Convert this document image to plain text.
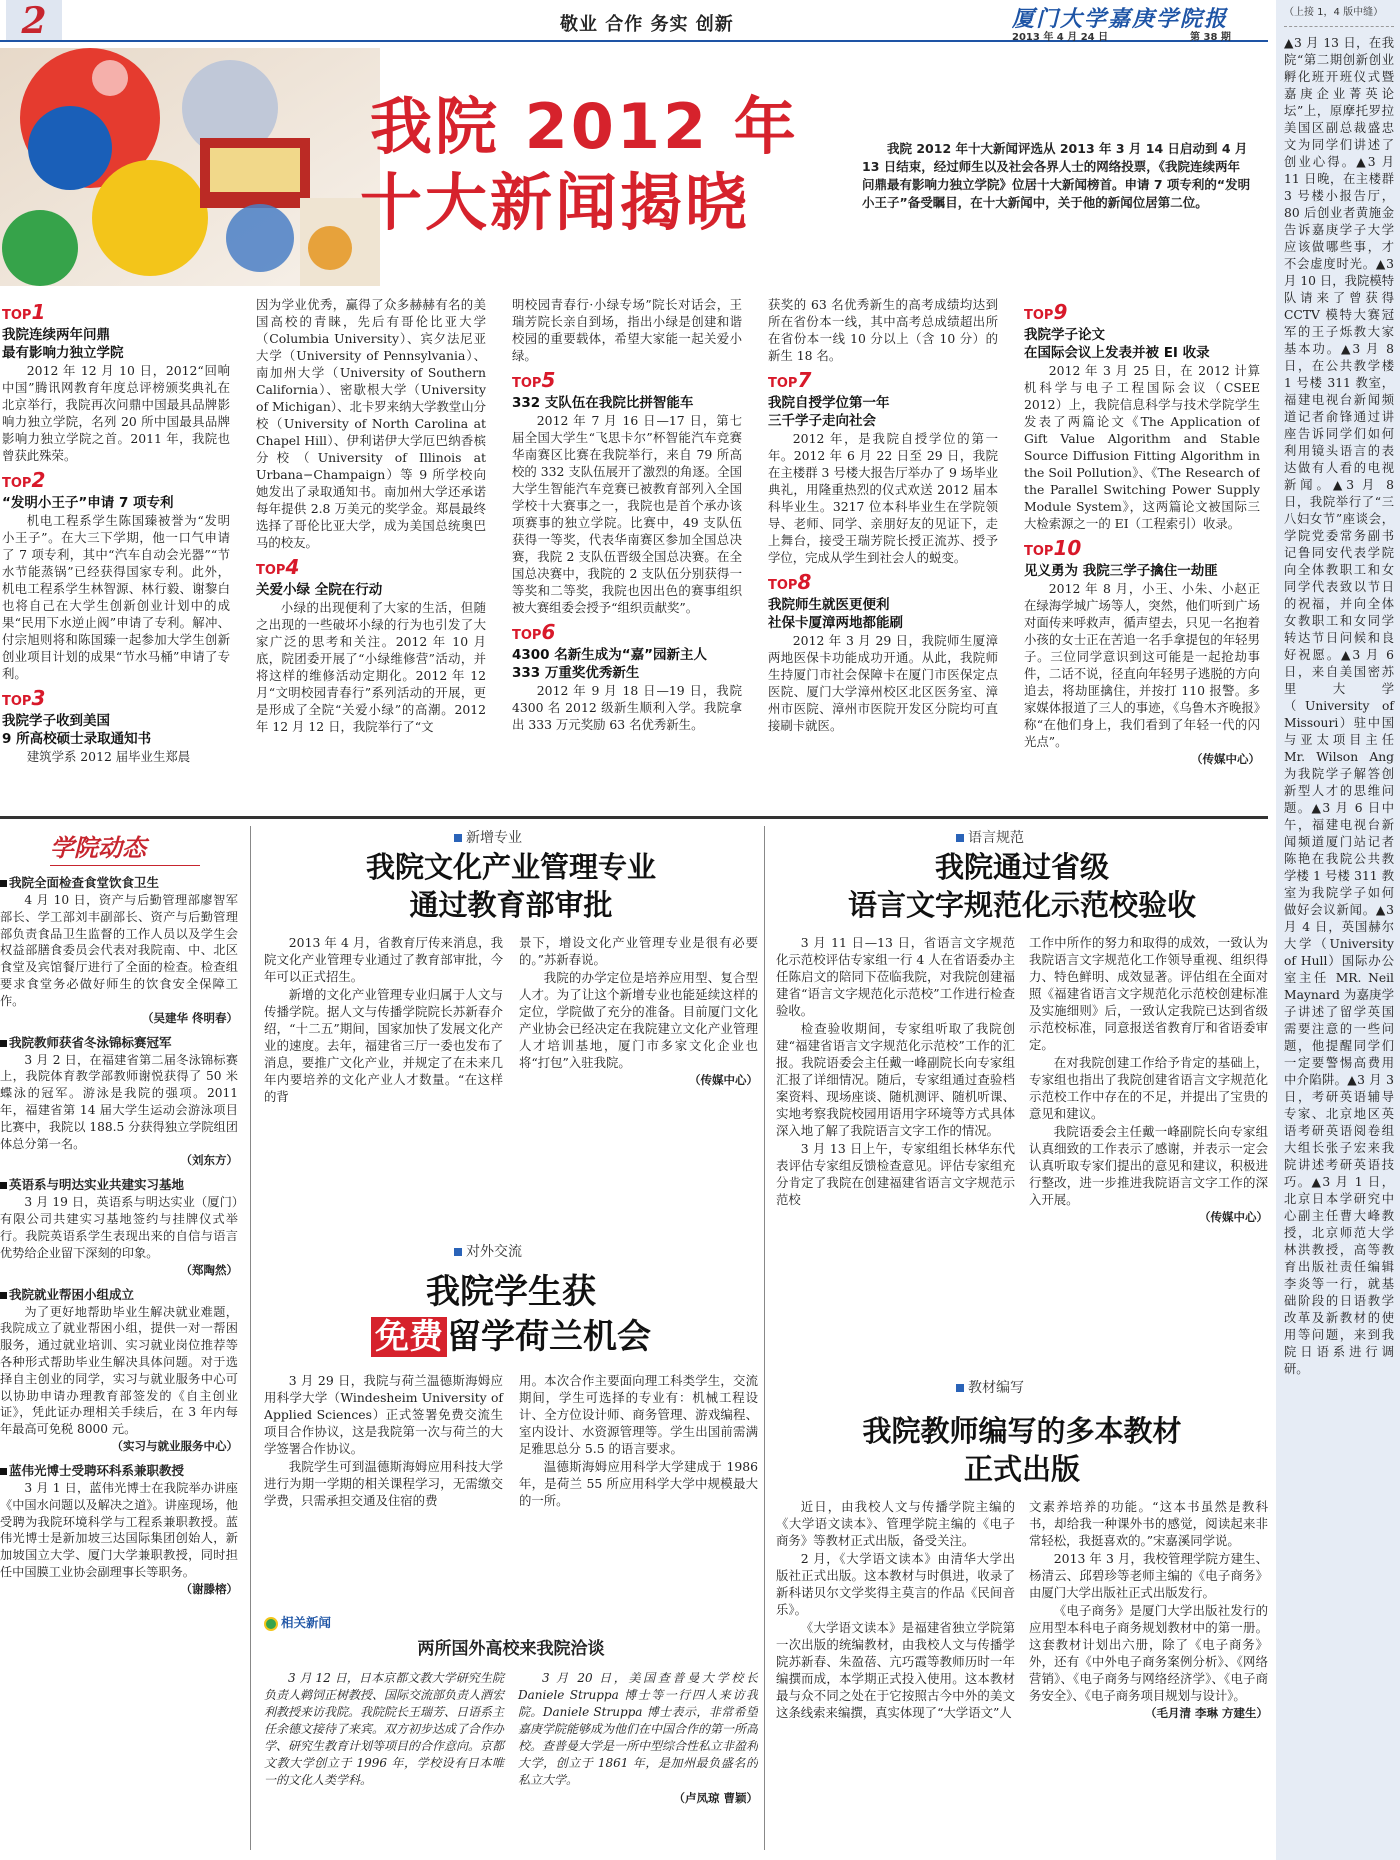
2	敬业 合作 务实 创新	厦门大学嘉庚学院报
2013 年 4 月 24 日	第 38 期
我院 2012 年
十大新闻揭晓
我院 2012 年十大新闻评选从 2013 年 3 月 14 日启动到 4 月 13 日结束，经过师生以及社会各界人士的网络投票，《我院连续两年问鼎最有影响力独立学院》位居十大新闻榜首。申请 7 项专利的“发明小王子”备受瞩目，在十大新闻中，关于他的新闻位居第二位。
TOP1
我院连续两年问鼎
最有影响力独立学院

2012 年 12 月 10 日，2012“回响中国”腾讯网教育年度总评榜颁奖典礼在北京举行，我院再次问鼎中国最具品牌影响力独立学院，名列 20 所中国最具品牌影响力独立学院之首。2011 年，我院也曾获此殊荣。

TOP2
“发明小王子”申请 7 项专利

机电工程系学生陈国臻被誉为“发明小王子”。在大三下学期，他一口气申请了 7 项专利，其中“汽车自动会光器”“节水节能蒸锅”已经获得国家专利。此外，机电工程系学生林智源、林行毅、谢黎白也将自己在大学生创新创业计划中的成果“民用下水逆止阀”申请了专利。解冲、付宗旭则将和陈国臻一起参加大学生创新创业项目计划的成果“节水马桶”申请了专利。

TOP3
我院学子收到美国
9 所高校硕士录取通知书

建筑学系 2012 届毕业生郑晨

因为学业优秀，赢得了众多赫赫有名的美国高校的青睐，先后有哥伦比亚大学（Columbia University）、宾夕法尼亚大学（University of Pennsylvania）、南加州大学（University of Southern California）、密歇根大学（University of Michigan）、北卡罗来纳大学教堂山分校（University of North Carolina at Chapel Hill）、伊利诺伊大学厄巴纳香槟分校（University of Illinois at Urbana−Champaign）等 9 所学校向她发出了录取通知书。南加州大学还承诺每年提供 2.8 万美元的奖学金。郑晨最终选择了哥伦比亚大学，成为美国总统奥巴马的校友。

TOP4
关爱小绿 全院在行动

小绿的出现便利了大家的生活，但随之出现的一些破坏小绿的行为也引发了大家广泛的思考和关注。2012 年 10 月底，院团委开展了“小绿维修营”活动，并将这样的维修活动定期化。2012 年 12 月“文明校园青春行”系列活动的开展，更是形成了全院“关爱小绿”的高潮。2012 年 12 月 12 日，我院举行了“文

明校园青春行·小绿专场”院长对话会，王瑞芳院长亲自到场，指出小绿是创建和谐校园的重要载体，希望大家能一起关爱小绿。

TOP5
332 支队伍在我院比拼智能车

2012 年 7 月 16 日—17 日，第七届全国大学生“飞思卡尔”杯智能汽车竞赛华南赛区比赛在我院举行，来自 79 所高校的 332 支队伍展开了激烈的角逐。全国大学生智能汽车竞赛已被教育部列入全国学校十大赛事之一，我院也是首个承办该项赛事的独立学院。比赛中，49 支队伍获得一等奖，代表华南赛区参加全国总决赛，我院 2 支队伍晋级全国总决赛。在全国总决赛中，我院的 2 支队伍分别获得一等奖和二等奖，我院也因出色的赛事组织被大赛组委会授予“组织贡献奖”。

TOP6
4300 名新生成为“嘉”园新主人
333 万重奖优秀新生

2012 年 9 月 18 日—19 日，我院 4300 名 2012 级新生顺利入学。我院拿出 333 万元奖励 63 名优秀新生。

获奖的 63 名优秀新生的高考成绩均达到所在省份本一线，其中高考总成绩超出所在省份本一线 10 分以上（含 10 分）的新生 18 名。

TOP7
我院自授学位第一年
三千学子走向社会

2012 年，是我院自授学位的第一年。2012 年 6 月 22 日至 29 日，我院在主楼群 3 号楼大报告厅举办了 9 场毕业典礼，用隆重热烈的仪式欢送 2012 届本科毕业生。3217 位本科毕业生在学院领导、老师、同学、亲朋好友的见证下，走上舞台，接受王瑞芳院长授正流苏、授予学位，完成从学生到社会人的蜕变。

TOP8
我院师生就医更便利
社保卡厦漳两地都能刷

2012 年 3 月 29 日，我院师生厦漳两地医保卡功能成功开通。从此，我院师生持厦门市社会保障卡在厦门市医保定点医院、厦门大学漳州校区北区医务室、漳州市医院、漳州市医院开发区分院均可直接刷卡就医。

TOP9
我院学子论文
在国际会议上发表并被 EI 收录

2012 年 3 月 25 日，在 2012 计算机科学与电子工程国际会议（CSEE 2012）上，我院信息科学与技术学院学生发表了两篇论文《The Application of Gift Value Algorithm and Stable Source Diffusion Fitting Algorithm in the Soil Pollution》、《The Research of the Parallel Switching Power Supply Module System》，这两篇论文被国际三大检索源之一的 EI（工程索引）收录。

TOP10
见义勇为 我院三学子擒住一劫匪

2012 年 8 月，小王、小朱、小赵正在绿海学城广场等人，突然，他们听到广场对面传来呼救声，循声望去，只见一名抱着小孩的女士正在苦追一名手拿提包的年轻男子。三位同学意识到这可能是一起抢劫事件，二话不说，径直向年轻男子逃脱的方向追去，将劫匪擒住，并按打 110 报警。多家媒体报道了三人的事迹，《乌鲁木齐晚报》称“在他们身上，我们看到了年轻一代的闪光点”。

（传媒中心）
学院动态
我院全面检查食堂饮食卫生

4 月 10 日，资产与后勤管理部廖智军部长、学工部刘丰副部长、资产与后勤管理部负责食品卫生监督的工作人员以及学生会权益部膳食委员会代表对我院南、中、北区食堂及宾馆餐厅进行了全面的检查。检查组要求食堂务必做好师生的饮食安全保障工作。

（吴建华 佟明春）
我院教师获省冬泳锦标赛冠军

3 月 2 日，在福建省第二届冬泳锦标赛上，我院体育教学部教师谢悦获得了 50 米蝶泳的冠军。游泳是我院的强项。2011 年，福建省第 14 届大学生运动会游泳项目比赛中，我院以 188.5 分获得独立学院组团体总分第一名。

（刘东方）
英语系与明达实业共建实习基地

3 月 19 日，英语系与明达实业（厦门）有限公司共建实习基地签约与挂牌仪式举行。我院英语系学生表现出来的自信与语言优势给企业留下深刻的印象。

（郑陶然）
我院就业帮困小组成立

为了更好地帮助毕业生解决就业难题，我院成立了就业帮困小组，提供一对一帮困服务，通过就业培训、实习就业岗位推荐等各种形式帮助毕业生解决具体问题。对于选择自主创业的同学，实习与就业服务中心可以协助申请办理教育部签发的《自主创业证》，凭此证办理相关手续后，在 3 年内每年最高可免税 8000 元。

（实习与就业服务中心）
蓝伟光博士受聘环科系兼职教授

3 月 1 日，蓝伟光博士在我院举办讲座《中国水问题以及解决之道》。讲座现场，他受聘为我院环境科学与工程系兼职教授。蓝伟光博士是新加坡三达国际集团创始人，新加坡国立大学、厦门大学兼职教授，同时担任中国膜工业协会副理事长等职务。

（谢滕榕）
新增专业
我院文化产业管理专业
通过教育部审批

2013 年 4 月，省教育厅传来消息，我院文化产业管理专业通过了教育部审批，今年可以正式招生。

新增的文化产业管理专业归属于人文与传播学院。据人文与传播学院院长苏新春介绍，“十二五”期间，国家加快了发展文化产业的速度。去年，福建省三厅一委也发布了消息，要推广文化产业，并规定了在未来几年内要培养的文化产业人才数量。“在这样的背

景下，增设文化产业管理专业是很有必要的。”苏新春说。

我院的办学定位是培养应用型、复合型人才。为了让这个新增专业也能延续这样的定位，学院做了充分的准备。目前厦门文化产业协会已经决定在我院建立文化产业管理人才培训基地，厦门市多家文化企业也将“打包”入驻我院。

（传媒中心）
对外交流
我院学生获
免费 留学荷兰机会

3 月 29 日，我院与荷兰温德斯海姆应用科学大学（Windesheim University of Applied Sciences）正式签署免费交流生项目合作协议，这是我院第一次与荷兰的大学签署合作协议。

我院学生可到温德斯海姆应用科技大学进行为期一学期的相关课程学习，无需缴交学费，只需承担交通及住宿的费

用。本次合作主要面向理工科类学生，交流期间，学生可选择的专业有：机械工程设计、全方位设计师、商务管理、游戏编程、室内设计、水资源管理等。学生出国前需满足雅思总分 5.5 的语言要求。

温德斯海姆应用科学大学建成于 1986 年，是荷兰 55 所应用科学大学中规模最大的一所。

相关新闻
两所国外高校来我院洽谈

3 月 12 日，日本京都文教大学研究生院负责人鹈饲正树教授、国际交流部负责人酒宏利教授来访我院。我院院长王瑞芳、日语系主任余德文接待了来宾。双方初步达成了合作办学、研究生教育计划等项目的合作意向。京都文教大学创立于 1996 年，学校设有日本唯一的文化人类学科。

3 月 20 日，美国查普曼大学校长 Daniele Struppa 博士等一行四人来访我院。Daniele Struppa 博士表示，非常希望嘉庚学院能够成为他们在中国合作的第一所高校。查普曼大学是一所中型综合性私立非盈利大学，创立于 1861 年，是加州最负盛名的私立大学。

（卢凤琼 曹颖）
语言规范
我院通过省级
语言文字规范化示范校验收

3 月 11 日—13 日，省语言文字规范化示范校评估专家组一行 4 人在省语委办主任陈启文的陪同下莅临我院，对我院创建福建省“语言文字规范化示范校”工作进行检查验收。

检查验收期间，专家组听取了我院创建“福建省语言文字规范化示范校”工作的汇报。我院语委会主任戴一峰副院长向专家组汇报了详细情况。随后，专家组通过查验档案资料、现场座谈、随机测评、随机听课、实地考察我院校园用语用字环境等方式具体深入地了解了我院语言文字工作的情况。

3 月 13 日上午，专家组组长林华东代表评估专家组反馈检查意见。评估专家组充分肯定了我院在创建福建省语言文字规范示范校

工作中所作的努力和取得的成效，一致认为我院语言文字规范化工作领导重视、组织得力、特色鲜明、成效显著。评估组在全面对照《福建省语言文字规范化示范校创建标准及实施细则》后，一致认定我院已达到省级示范校标准，同意报送省教育厅和省语委审定。

在对我院创建工作给予肯定的基础上，专家组也指出了我院创建省语言文字规范化示范校工作中存在的不足，并提出了宝贵的意见和建议。

我院语委会主任戴一峰副院长向专家组认真细致的工作表示了感谢，并表示一定会认真听取专家们提出的意见和建议，积极进行整改，进一步推进我院语言文字工作的深入开展。

（传媒中心）
教材编写
我院教师编写的多本教材
正式出版

近日，由我校人文与传播学院主编的《大学语文读本》、管理学院主编的《电子商务》等教材正式出版，备受关注。

2 月，《大学语文读本》由清华大学出版社正式出版。这本教材与时俱进，收录了新科诺贝尔文学奖得主莫言的作品《民间音乐》。

《大学语文读本》是福建省独立学院第一次出版的统编教材，由我校人文与传播学院苏新春、朱盈蓓、亢巧霞等教师历时一年编撰而成，本学期正式投入使用。这本教材最与众不同之处在于它按照古今中外的美文这条线索来编撰，真实体现了“大学语文”人

文素养培养的功能。“这本书虽然是教科书，却给我一种课外书的感觉，阅读起来非常轻松，我挺喜欢的。”宋嘉溪同学说。

2013 年 3 月，我校管理学院方建生、杨清云、邱碧珍等老师主编的《电子商务》由厦门大学出版社正式出版发行。

《电子商务》是厦门大学出版社发行的应用型本科电子商务规划教材中的第一册。这套教材计划出六册，除了《电子商务》外，还有《中外电子商务案例分析》、《网络营销》、《电子商务与网络经济学》、《电子商务安全》、《电子商务项目规划与设计》。

（毛月清 李琳 方建生）
（上接 1，4 版中缝）
▲3 月 13 日，在我院“第二期创新创业孵化班开班仪式暨嘉庚企业菁英论坛”上，原摩托罗拉美国区副总裁盛忠文为同学们讲述了创业心得。▲3 月 11 日晚，在主楼群 3 号楼小报告厅，80 后创业者黄施金告诉嘉庚学子大学应该做哪些事，才不会虚度时光。▲3 月 10 日，我院模特队请来了曾获得 CCTV 模特大赛冠军的王子烁教大家基本功。▲3 月 8 日，在公共教学楼 1 号楼 311 教室，福建电视台新闻频道记者俞锋通过讲座告诉同学们如何利用镜头语言的表达做有人看的电视新闻。▲3 月 8 日，我院举行了“三八妇女节”座谈会，学院党委常务副书记鲁同安代表学院向全体教职工和女同学代表致以节日的祝福，并向全体女教职工和女同学转达节日问候和良好祝愿。▲3 月 6 日，来自美国密苏里大学（University of Missouri）驻中国与亚太项目主任 Mr. Wilson Ang 为我院学子解答创新型人才的思维问题。▲3 月 6 日中午，福建电视台新闻频道厦门站记者陈艳在我院公共教学楼 1 号楼 311 教室为我院学子如何做好会议新闻。▲3 月 4 日，英国赫尔大学（University of Hull）国际办公室主任 MR. Neil Maynard 为嘉庚学子讲述了留学英国需要注意的一些问题，他提醒同学们一定要警惕高费用中介陷阱。▲3 月 3 日，考研英语辅导专家、北京地区英语考研英语阅卷组大组长张子宏来我院讲述考研英语技巧。▲3 月 1 日，北京日本学研究中心副主任曹大峰教授，北京师范大学林洪教授，高等教育出版社责任编辑李炎等一行，就基础阶段的日语教学改革及新教材的使用等问题，来到我院日语系进行调研。
